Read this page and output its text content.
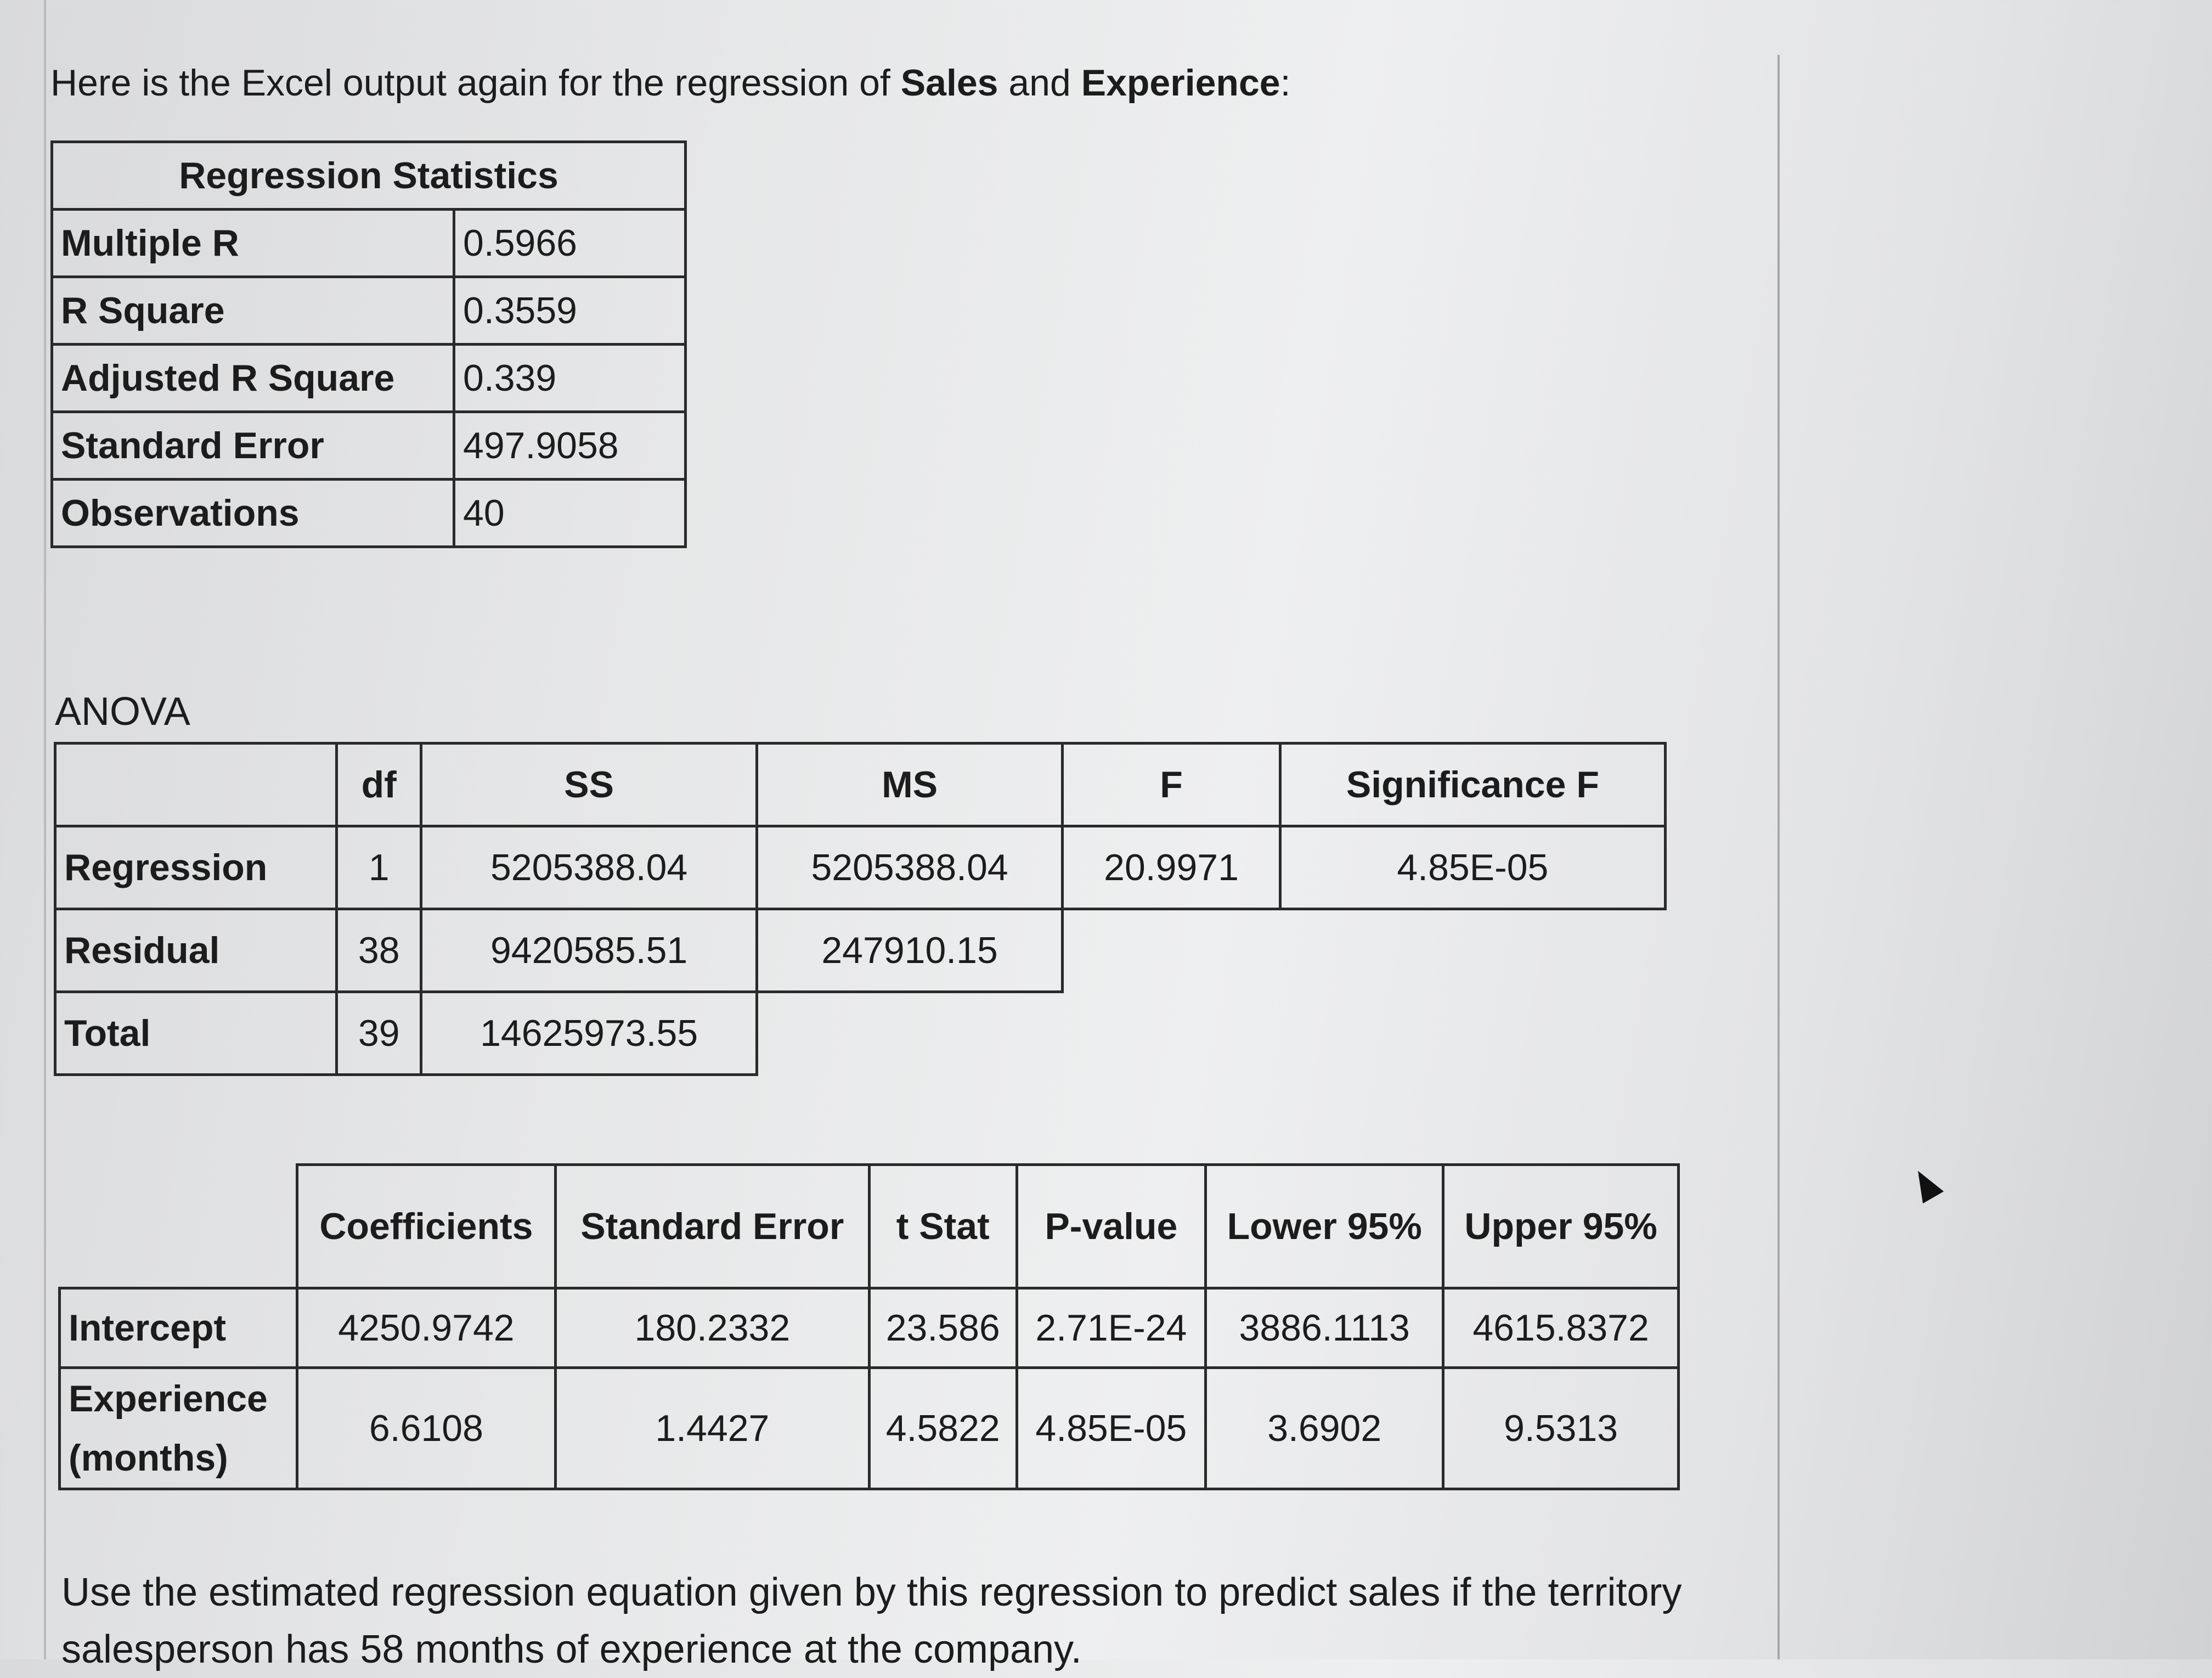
Here is the Excel output again for the regression of Sales and Experience:
Regression Statistics	
Multiple R	0.5966
R Square	0.3559
Adjusted R Square	0.339
Standard Error	497.9058
Observations	40
ANOVA
	df	SS	MS	F	Significance F
Regression	1	5205388.04	5205388.04	20.9971	4.85E-05
Residual	38	9420585.51	247910.15		
Total	39	14625973.55			
	Coefficients	Standard Error	t Stat	P-value	Lower 95%	Upper 95%
Intercept	4250.9742	180.2332	23.586	2.71E-24	3886.1113	4615.8372
Experience (months)	6.6108	1.4427	4.5822	4.85E-05	3.6902	9.5313
Use the estimated regression equation given by this regression to predict sales if the territory salesperson has 58 months of experience at the company.
